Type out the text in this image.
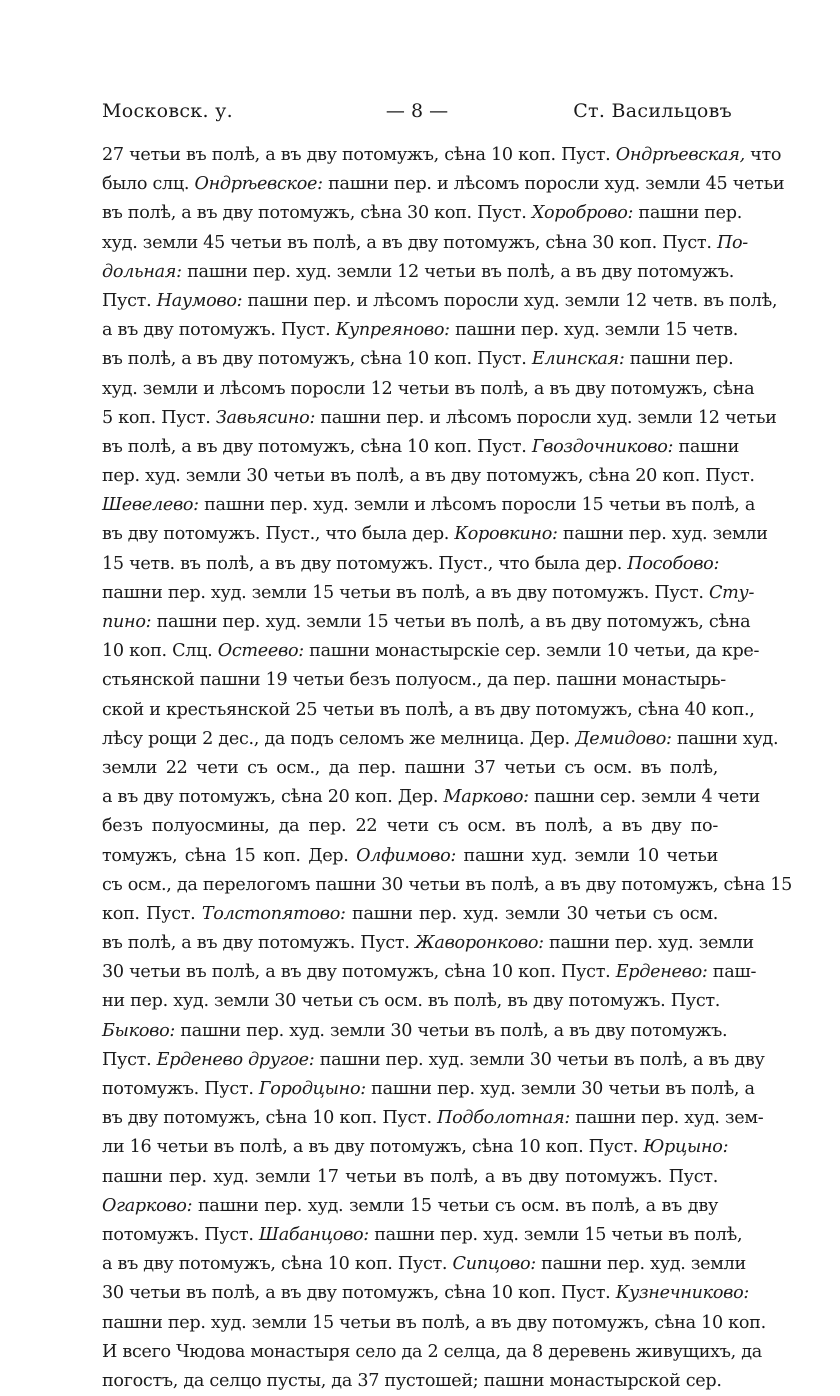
Московск. у.	— 8 —	Ст. Васильцовъ
27 четьи въ полѣ, а въ дву потомужъ, сѣна 10 коп. Пуст. Ондрѣевская, что
было слц. Ондрѣевское: пашни пер. и лѣсомъ поросли худ. земли 45 четьи
въ полѣ, а въ дву потомужъ, сѣна 30 коп. Пуст. Хороброво: пашни пер.
худ. земли 45 четьи въ полѣ, а въ дву потомужъ, сѣна 30 коп. Пуст. По-
дольная: пашни пер. худ. земли 12 четьи въ полѣ, а въ дву потомужъ.
Пуст. Наумово: пашни пер. и лѣсомъ поросли худ. земли 12 четв. въ полѣ,
а въ дву потомужъ. Пуст. Купреяново: пашни пер. худ. земли 15 четв.
въ полѣ, а въ дву потомужъ, сѣна 10 коп. Пуст. Елинская: пашни пер.
худ. земли и лѣсомъ поросли 12 четьи въ полѣ, а въ дву потомужъ, сѣна
5 коп. Пуст. Завьясино: пашни пер. и лѣсомъ поросли худ. земли 12 четьи
въ полѣ, а въ дву потомужъ, сѣна 10 коп. Пуст. Гвоздочниково: пашни
пер. худ. земли 30 четьи въ полѣ, а въ дву потомужъ, сѣна 20 коп. Пуст.
Шевелево: пашни пер. худ. земли и лѣсомъ поросли 15 четьи въ полѣ, а
въ дву потомужъ. Пуст., что была дер. Коровкино: пашни пер. худ. земли
15 четв. въ полѣ, а въ дву потомужъ. Пуст., что была дер. Пособово:
пашни пер. худ. земли 15 четьи въ полѣ, а въ дву потомужъ. Пуст. Сту-
пино: пашни пер. худ. земли 15 четьи въ полѣ, а въ дву потомужъ, сѣна
10 коп. Слц. Остеево: пашни монастырскіе сер. земли 10 четьи, да кре-
стьянской пашни 19 четьи безъ полуосм., да пер. пашни монастырь-
ской и крестьянской 25 четьи въ полѣ, а въ дву потомужъ, сѣна 40 коп.,
лѣсу рощи 2 дес., да подъ селомъ же мелница. Дер. Демидово: пашни худ.
земли 22 чети съ осм., да пер. пашни 37 четьи съ осм. въ полѣ,
а въ дву потомужъ, сѣна 20 коп. Дер. Марково: пашни сер. земли 4 чети
безъ полуосмины, да пер. 22 чети съ осм. въ полѣ, а въ дву по-
томужъ, сѣна 15 коп. Дер. Олфимово: пашни худ. земли 10 четьи
съ осм., да перелогомъ пашни 30 четьи въ полѣ, а въ дву потомужъ, сѣна 15
коп. Пуст. Толстопятово: пашни пер. худ. земли 30 четьи съ осм.
въ полѣ, а въ дву потомужъ. Пуст. Жаворонково: пашни пер. худ. земли
30 четьи въ полѣ, а въ дву потомужъ, сѣна 10 коп. Пуст. Ерденево: паш-
ни пер. худ. земли 30 четьи съ осм. въ полѣ, въ дву потомужъ. Пуст.
Быково: пашни пер. худ. земли 30 четьи въ полѣ, а въ дву потомужъ.
Пуст. Ерденево другое: пашни пер. худ. земли 30 четьи въ полѣ, а въ дву
потомужъ. Пуст. Городцыно: пашни пер. худ. земли 30 четьи въ полѣ, а
въ дву потомужъ, сѣна 10 коп. Пуст. Подболотная: пашни пер. худ. зем-
ли 16 четьи въ полѣ, а въ дву потомужъ, сѣна 10 коп. Пуст. Юрцыно:
пашни пер. худ. земли 17 четьи въ полѣ, а въ дву потомужъ. Пуст.
Огарково: пашни пер. худ. земли 15 четьи съ осм. въ полѣ, а въ дву
потомужъ. Пуст. Шабанцово: пашни пер. худ. земли 15 четьи въ полѣ,
а въ дву потомужъ, сѣна 10 коп. Пуст. Сипцово: пашни пер. худ. земли
30 четьи въ полѣ, а въ дву потомужъ, сѣна 10 коп. Пуст. Кузнечниково:
пашни пер. худ. земли 15 четьи въ полѣ, а въ дву потомужъ, сѣна 10 коп.
И всего Чюдова монастыря село да 2 селца, да 8 деревень живущихъ, да
погостъ, да селцо пусты, да 37 пустошей; пашни монастырской сер.
